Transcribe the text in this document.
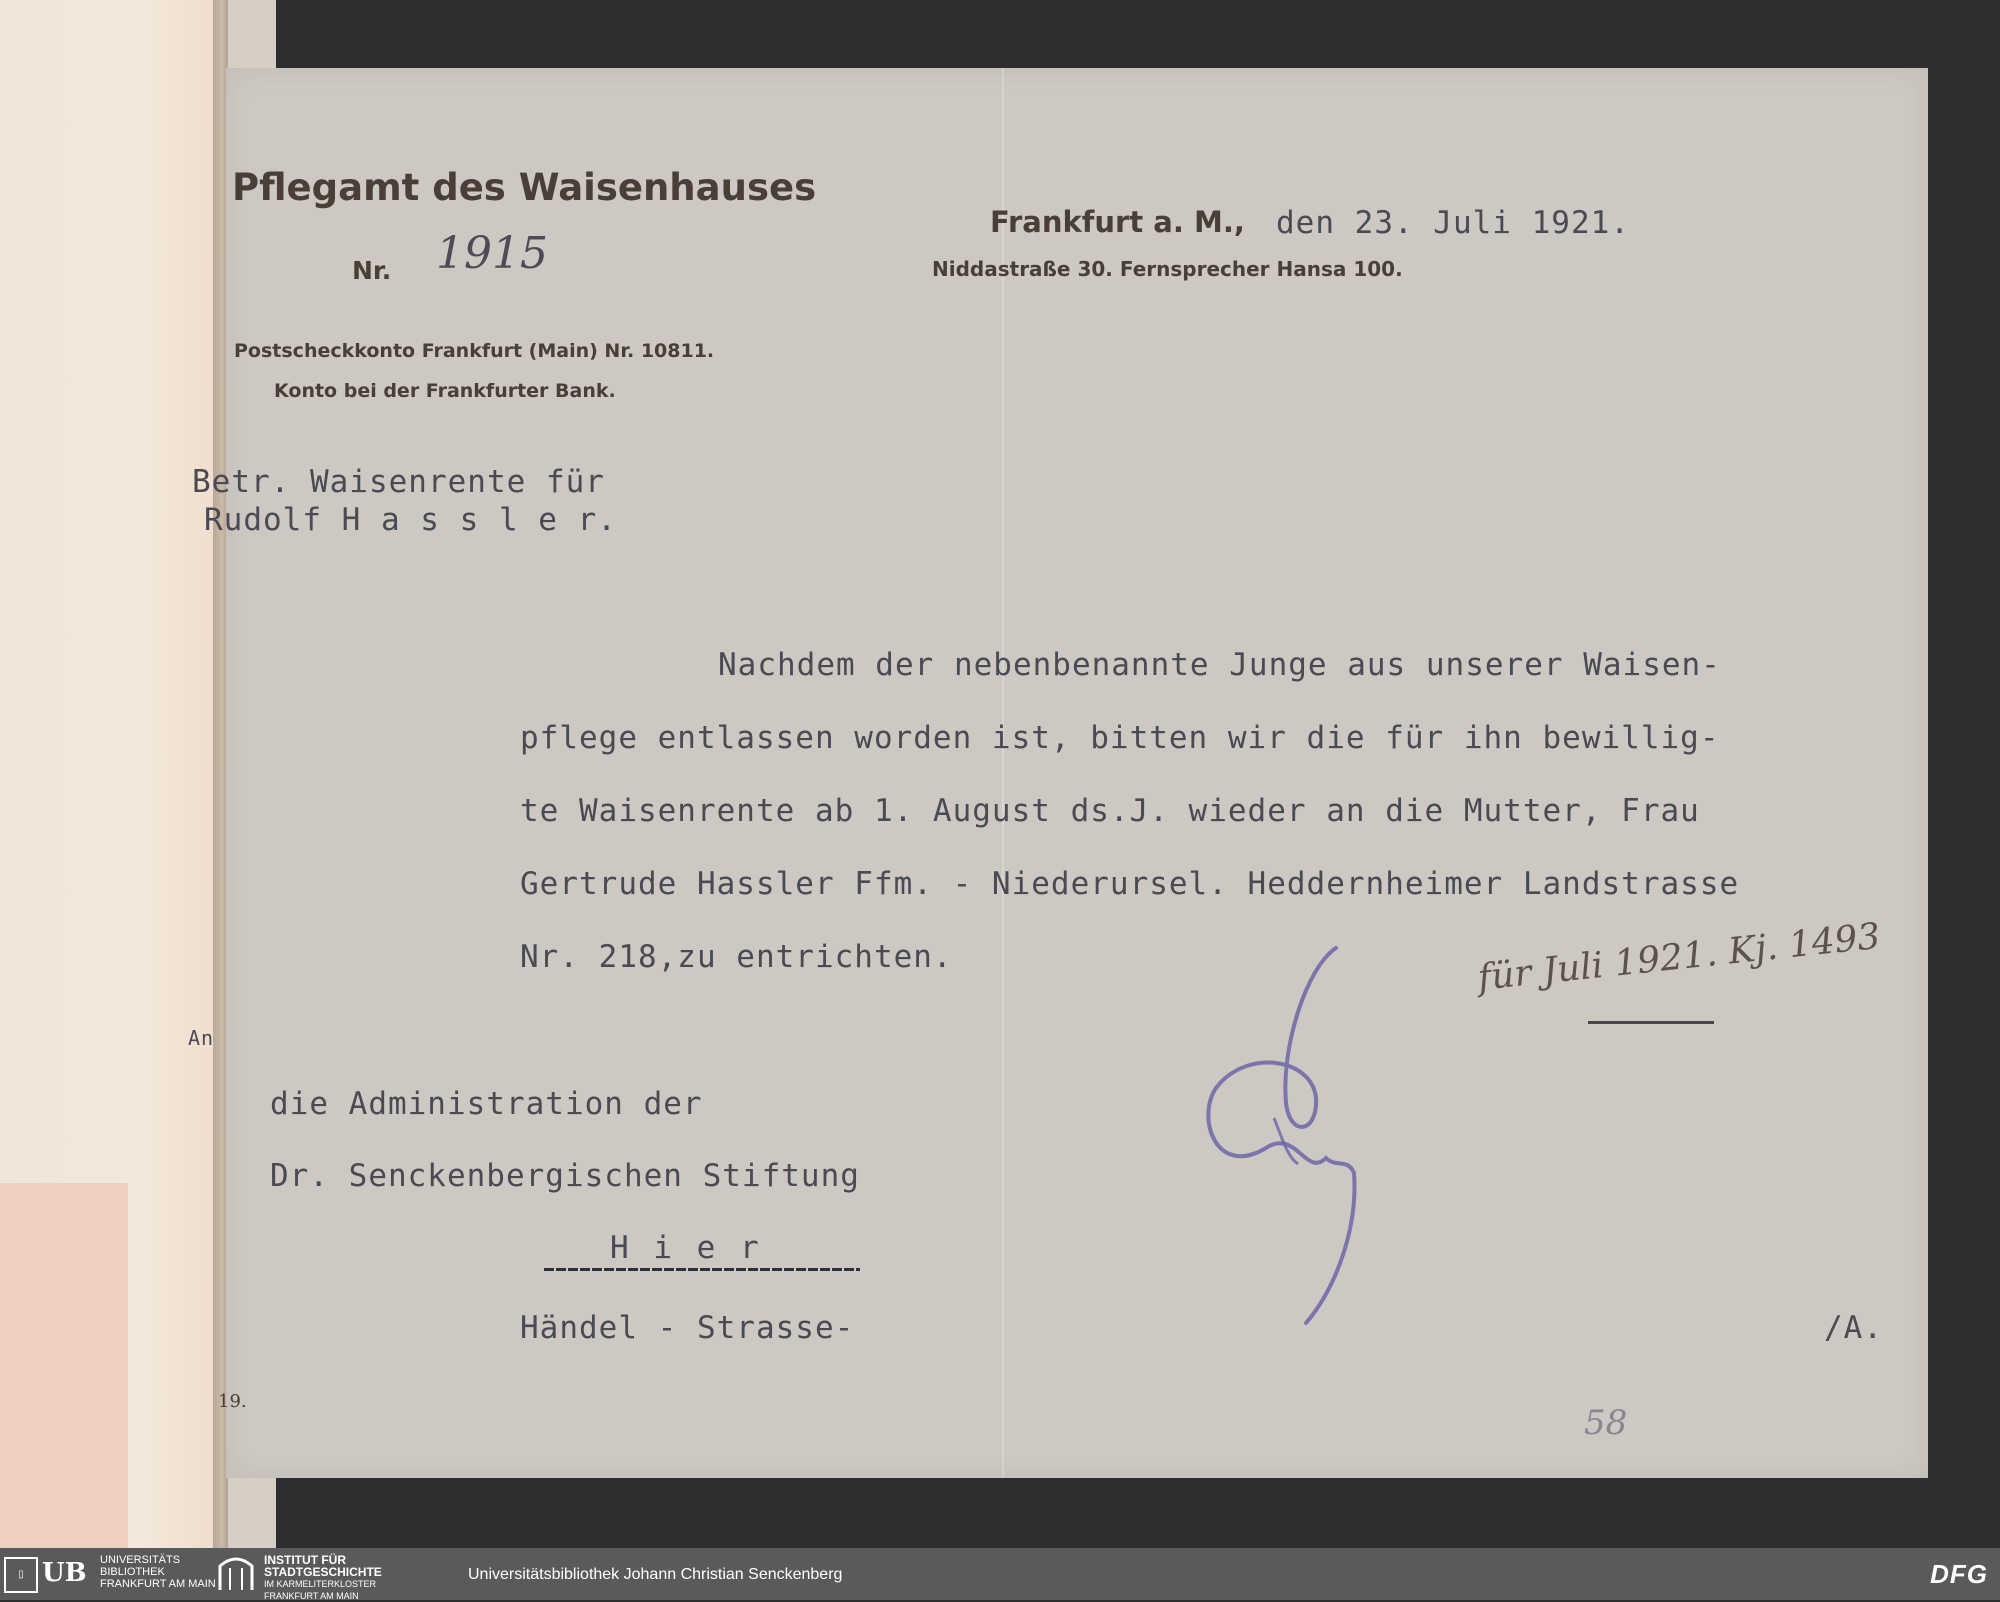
Pflegamt des Waisenhauses
Nr. 1915
Postscheckkonto Frankfurt (Main) Nr. 10811.
Konto bei der Frankfurter Bank.
Frankfurt a. M., den 23. Juli 1921.
Niddastraße 30. Fernsprecher Hansa 100.
Betr. Waisenrente für
Rudolf H a s s l e r.
Nachdem der nebenbenannte Junge aus unserer Waisen-
pflege entlassen worden ist, bitten wir die für ihn bewillig-
te Waisenrente ab 1. August ds.J. wieder an die Mutter, Frau
Gertrude Hassler Ffm. - Niederursel. Heddernheimer Landstrasse
Nr. 218,zu entrichten.	für Juli 1921. Kj. 1493
An
die Administration der
Dr. Senckenbergischen Stiftung
H i e r
Händel - Strasse-	/A.
19.
58
▯ UB UNIVERSITÄTS
BIBLIOTHEK
FRANKFURT AM MAIN
INSTITUT FÜR
STADTGESCHICHTE
IM KARMELITERKLOSTER
FRANKFURT AM MAIN
Universitätsbibliothek Johann Christian Senckenberg	DFG
